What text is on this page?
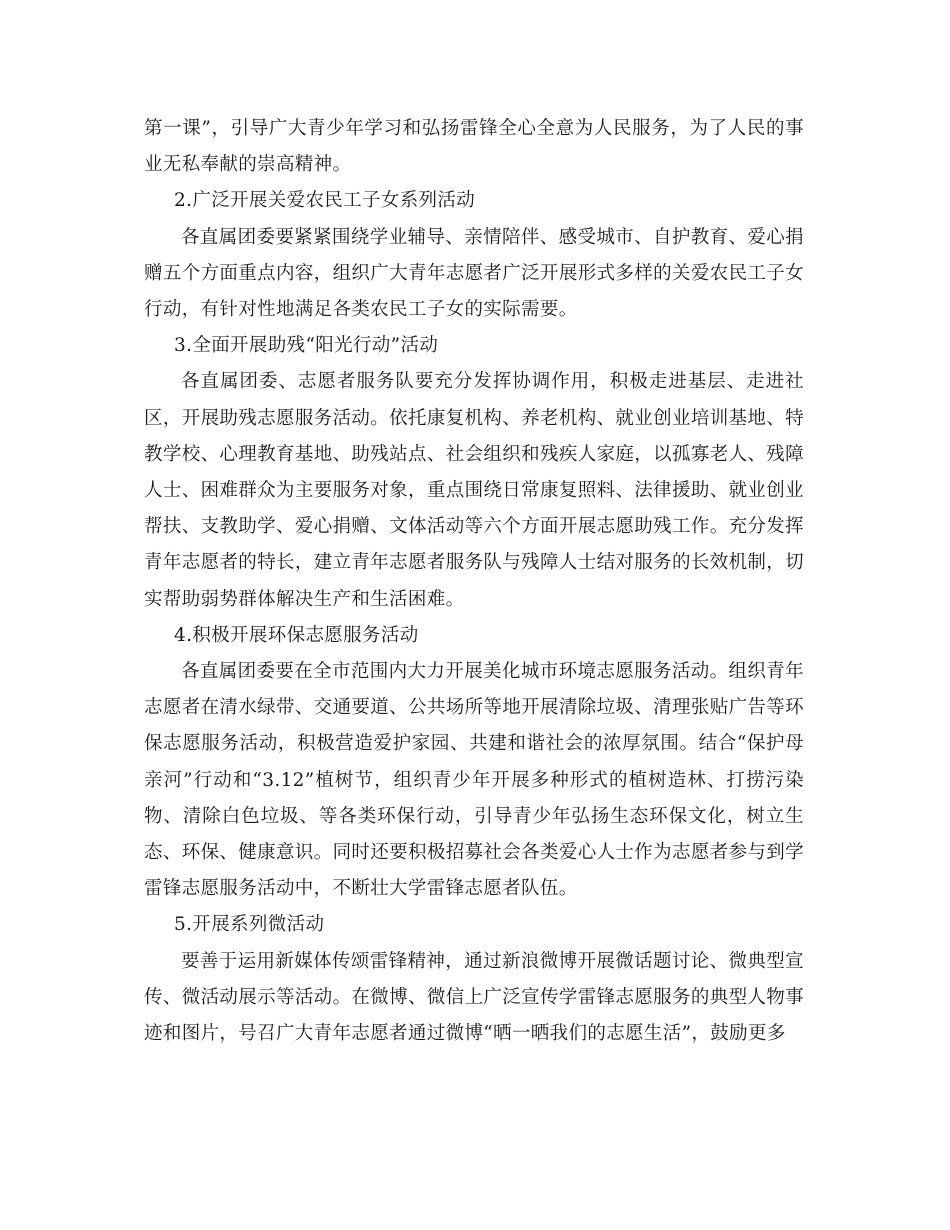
第一课”，引导广大青少年学习和弘扬雷锋全心全意为人民服务，为了人民的事业无私奉献的崇高精神。

2.广泛开展关爱农民工子女系列活动

各直属团委要紧紧围绕学业辅导、亲情陪伴、感受城市、自护教育、爱心捐赠五个方面重点内容，组织广大青年志愿者广泛开展形式多样的关爱农民工子女行动，有针对性地满足各类农民工子女的实际需要。

3.全面开展助残“阳光行动”活动

各直属团委、志愿者服务队要充分发挥协调作用，积极走进基层、走进社区，开展助残志愿服务活动。依托康复机构、养老机构、就业创业培训基地、特教学校、心理教育基地、助残站点、社会组织和残疾人家庭，以孤寡老人、残障人士、困难群众为主要服务对象，重点围绕日常康复照料、法律援助、就业创业帮扶、支教助学、爱心捐赠、文体活动等六个方面开展志愿助残工作。充分发挥青年志愿者的特长，建立青年志愿者服务队与残障人士结对服务的长效机制，切实帮助弱势群体解决生产和生活困难。

4.积极开展环保志愿服务活动

各直属团委要在全市范围内大力开展美化城市环境志愿服务活动。组织青年志愿者在清水绿带、交通要道、公共场所等地开展清除垃圾、清理张贴广告等环保志愿服务活动，积极营造爱护家园、共建和谐社会的浓厚氛围。结合“保护母亲河”行动和“3.12”植树节，组织青少年开展多种形式的植树造林、打捞污染物、清除白色垃圾、等各类环保行动，引导青少年弘扬生态环保文化，树立生态、环保、健康意识。同时还要积极招募社会各类爱心人士作为志愿者参与到学雷锋志愿服务活动中，不断壮大学雷锋志愿者队伍。

5.开展系列微活动

要善于运用新媒体传颂雷锋精神，通过新浪微博开展微话题讨论、微典型宣传、微活动展示等活动。在微博、微信上广泛宣传学雷锋志愿服务的典型人物事迹和图片，号召广大青年志愿者通过微博“晒一晒我们的志愿生活”，鼓励更多
